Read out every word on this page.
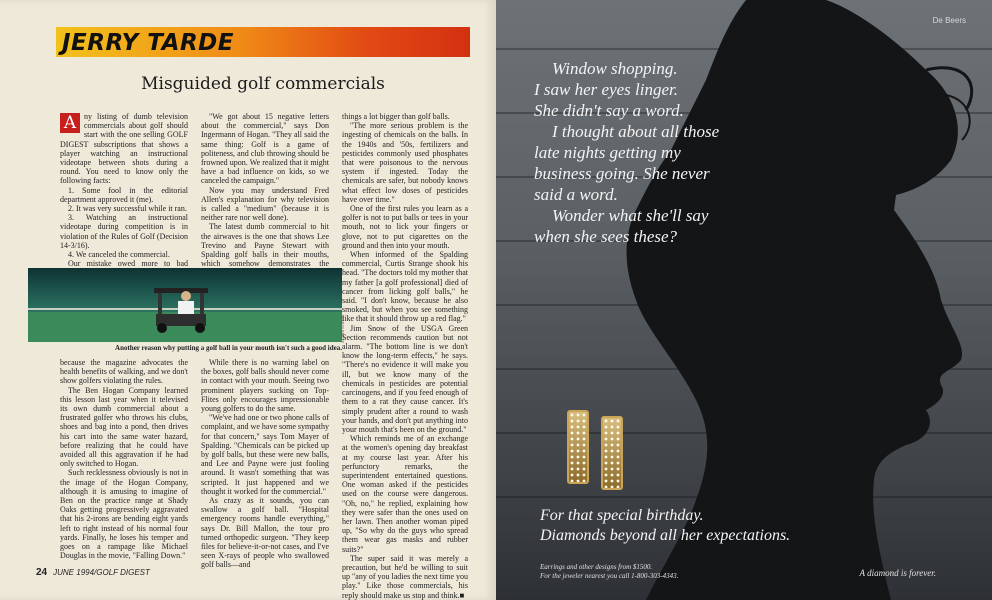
JERRY TARDE
Misguided golf commercials

A ny listing of dumb television commercials about golf should start with the one selling GOLF DIGEST subscriptions that shows a player watching an instructional videotape between shots during a round. You need to know only the following facts:

1. Some fool in the editorial department approved it (me).

2. It was very successful while it ran.

3. Watching an instructional videotape during competition is in violation of the Rules of Golf (Decision 14-3/16).

4. We canceled the commercial.

Our mistake owed more to bad

"We got about 15 negative letters about the commercial," says Don Ingermann of Hogan. "They all said the same thing: Golf is a game of politeness, and club throwing should be frowned upon. We realized that it might have a bad influence on kids, so we canceled the campaign."

Now you may understand Fred Allen's explanation for why television is called a "medium" (because it is neither rare nor well done).

The latest dumb commercial to hit the airwaves is the one that shows Lee Trevino and Payne Stewart with Spalding golf balls in their mouths, which somehow demonstrates the

Another reason why putting a golf ball in your mouth isn't such a good idea.
SIMON BRUTY

because the magazine advocates the health benefits of walking, and we don't show golfers violating the rules.

The Ben Hogan Company learned this lesson last year when it televised its own dumb commercial about a frustrated golfer who throws his clubs, shoes and bag into a pond, then drives his cart into the same water hazard, before realizing that he could have avoided all this aggravation if he had only switched to Hogan.

Such recklessness obviously is not in the image of the Hogan Company, although it is amusing to imagine of Ben on the practice range at Shady Oaks getting progressively aggravated that his 2-irons are bending eight yards left to right instead of his normal four yards. Finally, he loses his temper and goes on a rampage like Michael Douglas in the movie, "Falling Down."

While there is no warning label on the boxes, golf balls should never come in contact with your mouth. Seeing two prominent players sucking on Top-Flites only encourages impressionable young golfers to do the same.

"We've had one or two phone calls of complaint, and we have some sympathy for that concern," says Tom Mayer of Spalding. "Chemicals can be picked up by golf balls, but these were new balls, and Lee and Payne were just fooling around. It wasn't something that was scripted. It just happened and we thought it worked for the commercial."

As crazy as it sounds, you can swallow a golf ball. "Hospital emergency rooms handle everything," says Dr. Bill Mallon, the tour pro turned orthopedic surgeon. "They keep files for believe-it-or-not cases, and I've seen X-rays of people who swallowed golf balls—and

things a lot bigger than golf balls.

"The more serious problem is the ingesting of chemicals on the balls. In the 1940s and '50s, fertilizers and pesticides commonly used phosphates that were poisonous to the nervous system if ingested. Today the chemicals are safer, but nobody knows what effect low doses of pesticides have over time."

One of the first rules you learn as a golfer is not to put balls or tees in your mouth, not to lick your fingers or glove, not to put cigarettes on the ground and then into your mouth.

When informed of the Spalding commercial, Curtis Strange shook his head. "The doctors told my mother that my father [a golf professional] died of cancer from licking golf balls," he said. "I don't know, because he also smoked, but when you see something like that it should throw up a red flag."

Jim Snow of the USGA Green Section recommends caution but not alarm. "The bottom line is we don't know the long-term effects," he says. "There's no evidence it will make you ill, but we know many of the chemicals in pesticides are potential carcinogens, and if you feed enough of them to a rat they cause cancer. It's simply prudent after a round to wash your hands, and don't put anything into your mouth that's been on the ground."

Which reminds me of an exchange at the women's opening day breakfast at my course last year. After his perfunctory remarks, the superintendent entertained questions. One woman asked if the pesticides used on the course were dangerous. "Oh, no," he replied, explaining how they were safer than the ones used on her lawn. Then another woman piped up, "So why do the guys who spread them wear gas masks and rubber suits?"

The super said it was merely a precaution, but he'd be willing to suit up "any of you ladies the next time you play." Like those commercials, his reply should make us stop and think.■

24 JUNE 1994/GOLF DIGEST
De Beers
Window shopping.
I saw her eyes linger.
She didn't say a word.
I thought about all those
late nights getting my
business going. She never
said a word.
Wonder what she'll say
when she sees these?
For that special birthday.
Diamonds beyond all her expectations.
Earrings and other designs from $1500.
For the jeweler nearest you call 1-800-303-4343.	A diamond is forever.
